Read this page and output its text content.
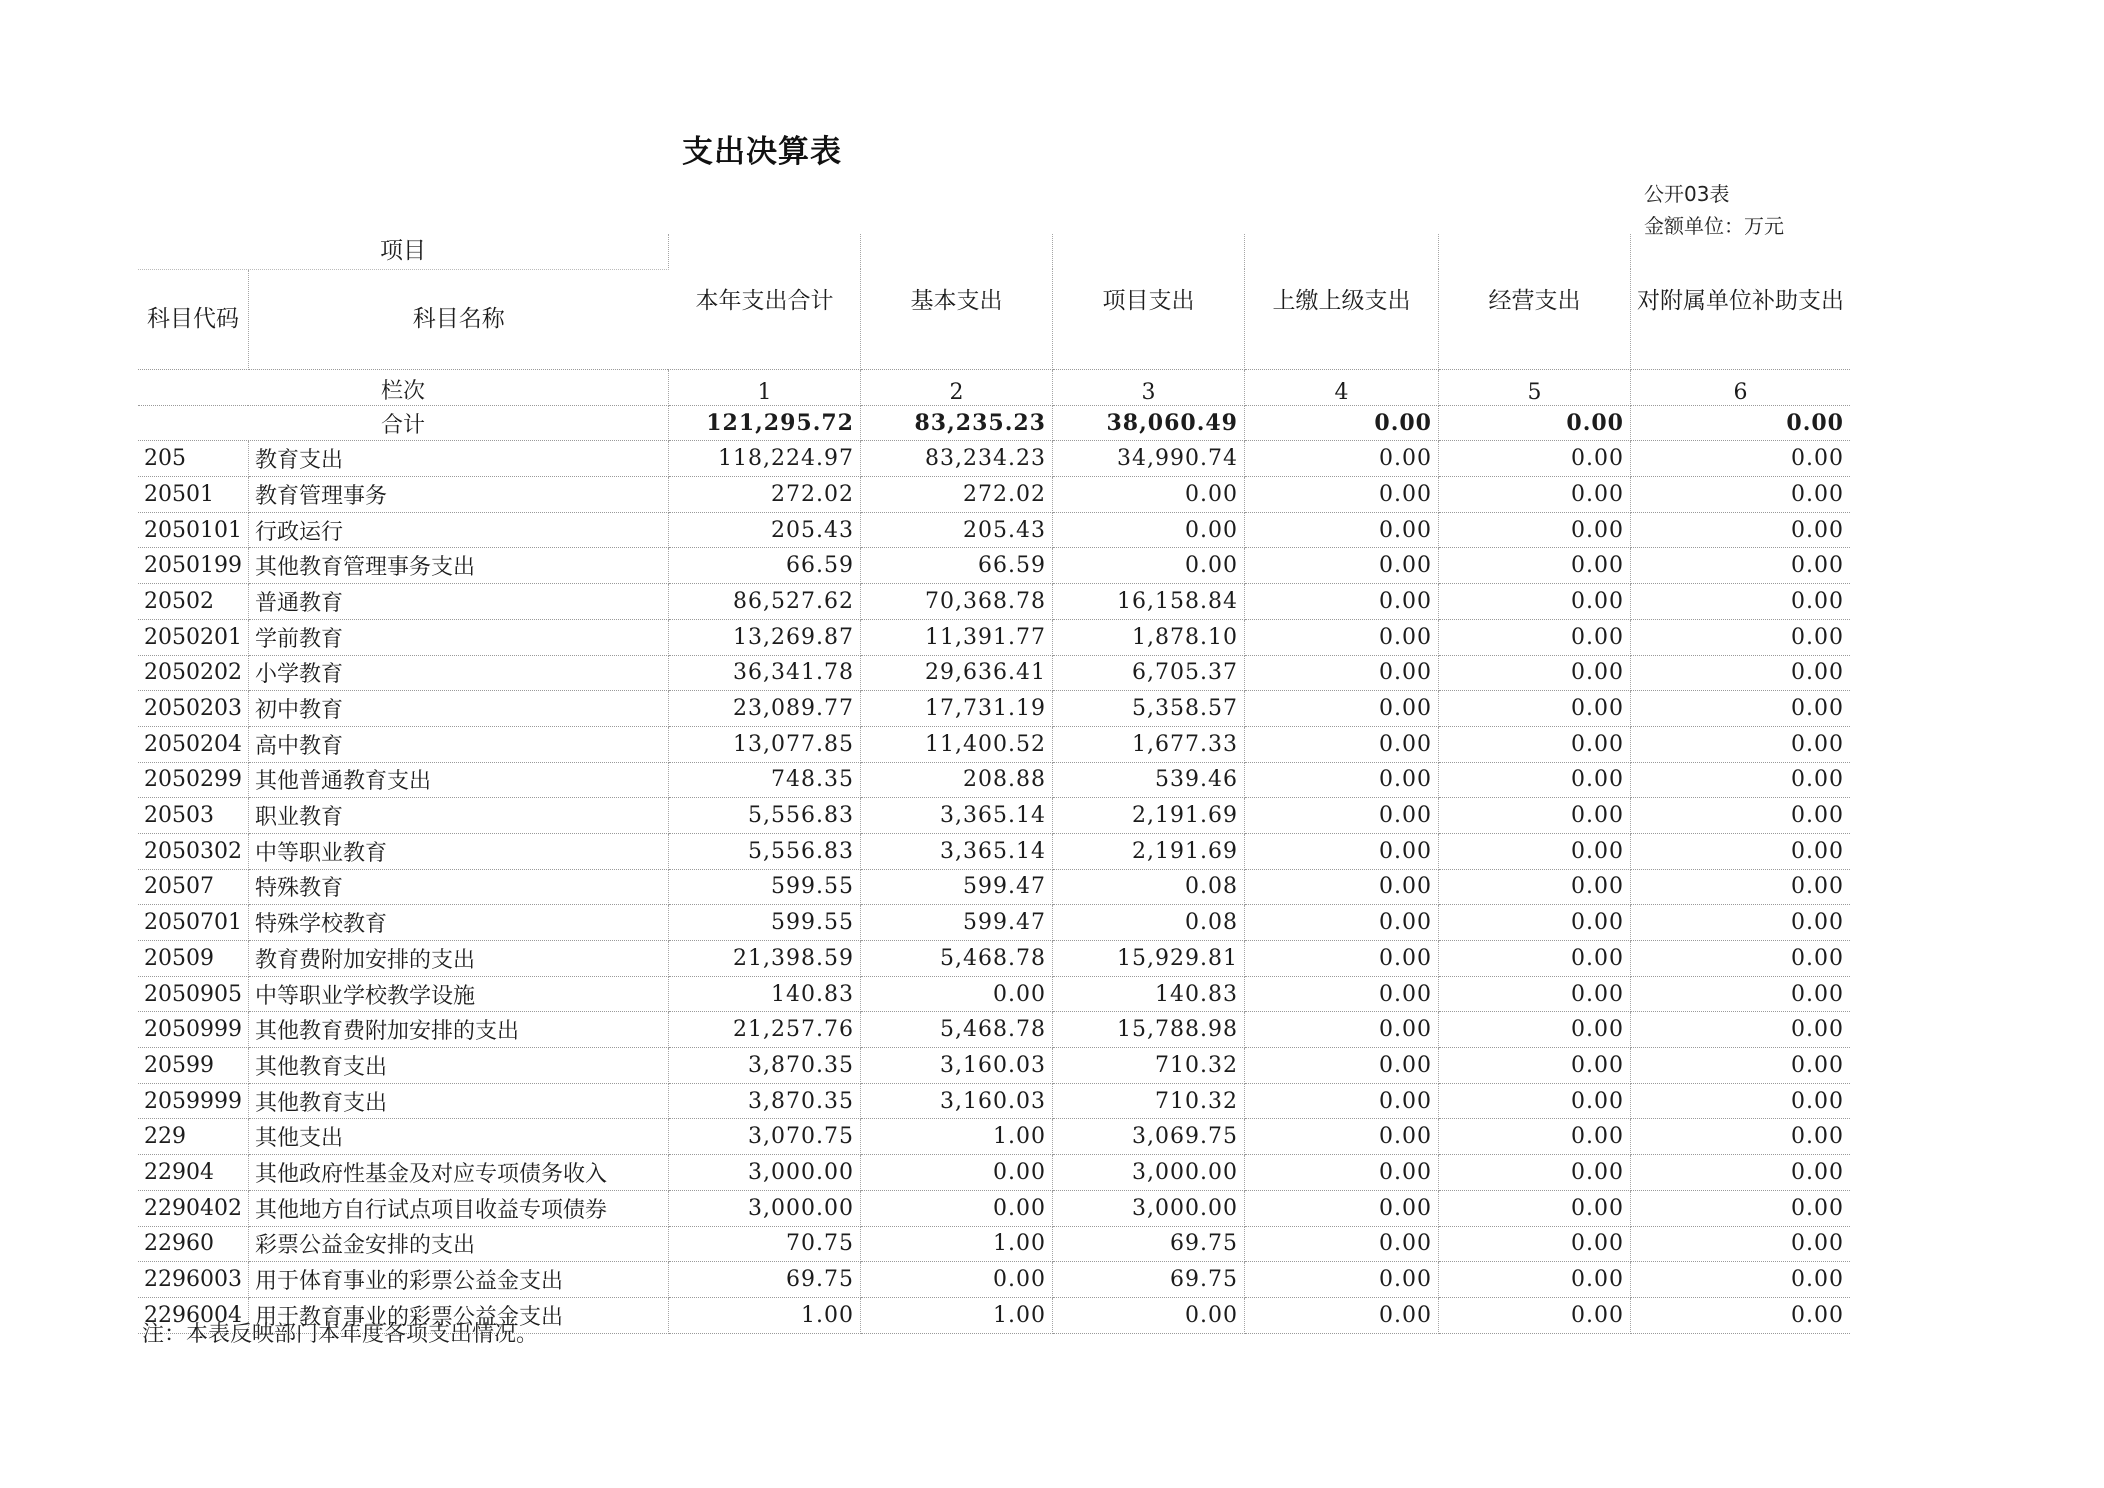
支出决算表
公开03表
金额单位：万元
项目		本年支出合计	基本支出	项目支出	上缴上级支出	经营支出	对附属单位补助支出
科目代码	科目名称						
栏次		1	2	3	4	5	6
合计		121,295.72	83,235.23	38,060.49	0.00	0.00	0.00
205	教育支出	118,224.97	83,234.23	34,990.74	0.00	0.00	0.00
20501	教育管理事务	272.02	272.02	0.00	0.00	0.00	0.00
2050101	行政运行	205.43	205.43	0.00	0.00	0.00	0.00
2050199	其他教育管理事务支出	66.59	66.59	0.00	0.00	0.00	0.00
20502	普通教育	86,527.62	70,368.78	16,158.84	0.00	0.00	0.00
2050201	学前教育	13,269.87	11,391.77	1,878.10	0.00	0.00	0.00
2050202	小学教育	36,341.78	29,636.41	6,705.37	0.00	0.00	0.00
2050203	初中教育	23,089.77	17,731.19	5,358.57	0.00	0.00	0.00
2050204	高中教育	13,077.85	11,400.52	1,677.33	0.00	0.00	0.00
2050299	其他普通教育支出	748.35	208.88	539.46	0.00	0.00	0.00
20503	职业教育	5,556.83	3,365.14	2,191.69	0.00	0.00	0.00
2050302	中等职业教育	5,556.83	3,365.14	2,191.69	0.00	0.00	0.00
20507	特殊教育	599.55	599.47	0.08	0.00	0.00	0.00
2050701	特殊学校教育	599.55	599.47	0.08	0.00	0.00	0.00
20509	教育费附加安排的支出	21,398.59	5,468.78	15,929.81	0.00	0.00	0.00
2050905	中等职业学校教学设施	140.83	0.00	140.83	0.00	0.00	0.00
2050999	其他教育费附加安排的支出	21,257.76	5,468.78	15,788.98	0.00	0.00	0.00
20599	其他教育支出	3,870.35	3,160.03	710.32	0.00	0.00	0.00
2059999	其他教育支出	3,870.35	3,160.03	710.32	0.00	0.00	0.00
229	其他支出	3,070.75	1.00	3,069.75	0.00	0.00	0.00
22904	其他政府性基金及对应专项债务收入	3,000.00	0.00	3,000.00	0.00	0.00	0.00
2290402	其他地方自行试点项目收益专项债券	3,000.00	0.00	3,000.00	0.00	0.00	0.00
22960	彩票公益金安排的支出	70.75	1.00	69.75	0.00	0.00	0.00
2296003	用于体育事业的彩票公益金支出	69.75	0.00	69.75	0.00	0.00	0.00
2296004	用于教育事业的彩票公益金支出	1.00	1.00	0.00	0.00	0.00	0.00
注：本表反映部门本年度各项支出情况。
